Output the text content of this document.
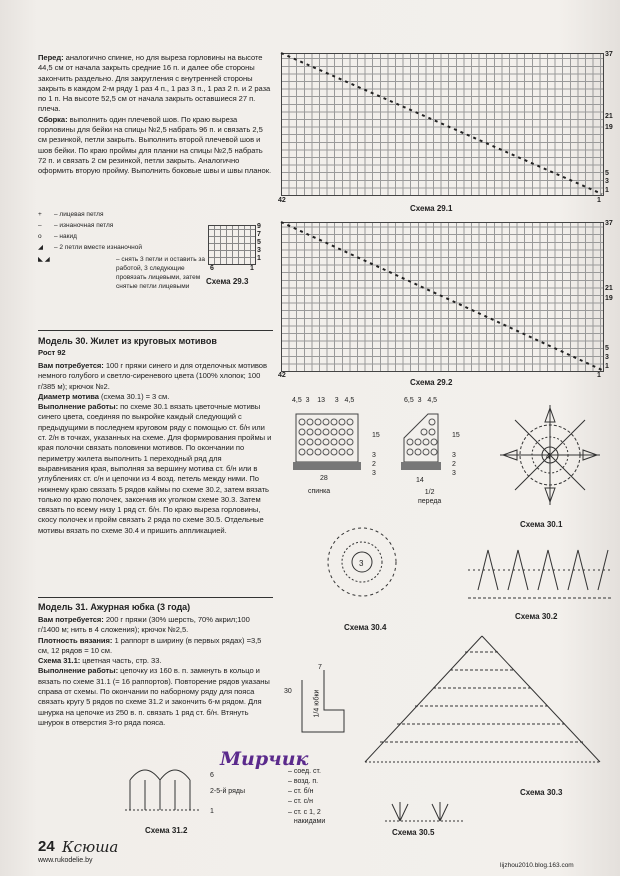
Перед: аналогично спинке, но для выреза горловины на высоте 44,5 см от начала закрыть средние 16 п. и далее обе стороны закончить раздельно. Для закругления с внутренней стороны закрыть в каждом 2-м ряду 1 раз 4 п., 1 раз 3 п., 1 раз 2 п. и 2 раза по 1 п. На высоте 52,5 см от начала закрыть оставшиеся 27 п. плеча.
Сборка: выполнить один плечевой шов. По краю выреза горловины для бейки на спицы №2,5 набрать 96 п. и связать 2,5 см резинкой, петли закрыть. Выполнить второй плечевой шов и шов бейки. По краю проймы для планки на спицы №2,5 набрать 72 п. и связать 2 см резинкой, петли закрыть. Аналогично оформить вторую пройму. Выполнить боковые швы и швы планок.
+ – лицевая петля
– – изнаночная петля
o – накид
◢ – 2 петли вместе изнаночной
◣ ◢	– снять 3 петли и оставить за работой, 3 следующие провязать лицевыми, затем снятые петли лицевыми
9
7
5
3
1
6	1
Схема 29.3
37
21
19
5
3
1
42	1
Схема 29.1
37
21
19
5
3
1
42	1
Схема 29.2
Модель 30. Жилет из круговых мотивов
Рост 92
Вам потребуется: 100 г пряжи синего и для отделочных мотивов немного голубого и светло-сиреневого цвета (100% хлопок; 100 г/385 м); крючок №2.
Диаметр мотива (схема 30.1) = 3 см.
Выполнение работы: по схеме 30.1 вязать цветочные мотивы синего цвета, соединяя по выкройке каждый следующий с предыдущими в последнем круговом ряду с помощью ст. б/н или ст. 2/н в точках, указанных на схеме. Для формирования проймы и края полочки связать половинки мотивов. По окончании по периметру жилета выполнить 1 переходный ряд для выравнивания края, выполняя за вершину мотива ст. б/н или в углублениях ст. с/н и цепочки из 4 возд. петель между ними. По нижнему краю связать 5 рядов каймы по схеме 30.2, затем вязать только по краю полочек, закончив их уголком схеме 30.3. Затем связать по всему низу 1 ряд ст. б/н. По краю выреза горловины, скосу полочек и пройм связать 2 ряда по схеме 30.5. Отдельные мотивы вязать по схеме 30.4 и пришить аппликацией.
Модель 31. Ажурная юбка (3 года)
Вам потребуется: 200 г пряжи (30% шерсть, 70% акрил;100 г/1400 м; нить в 4 сложения); крючок №2,5.
Плотность вязания: 1 раппорт в ширину (в первых рядах) =3,5 см, 12 рядов = 10 см.
Схема 31.1: цветная часть, стр. 33.
Выполнение работы: цепочку из 160 в. п. замкнуть в кольцо и вязать по схеме 31.1 (= 16 раппортов). Повторение рядов указаны справа от схемы. По окончании по наборному ряду для пояса связать кругу 5 рядов по схеме 31.2 и закончить 6-м рядом. Для шнурка на цепочке из 250 в. п. связать 1 ряд ст. б/н. Втянуть шнурок в отверстия 3-го ряда пояса.
4,5  3    13     3   4,5
15
3
2
3
28
спинка
6,5  3   4,5
15
3
2
3
14
1/2
переда
4
Схема 30.1
3
Схема 30.4
Схема 30.2
7
30	1/4 юбки
Схема 30.3
Мирчик
6
2-5-й ряды
1
Схема 31.2
– соед. ст.
– возд. п.
– ст. б/н
– ст. с/н
– ст. с 1, 2
накидами
Схема 30.5
24 Ксюша
www.rukodelie.by
lijzhou2010.blog.163.com
